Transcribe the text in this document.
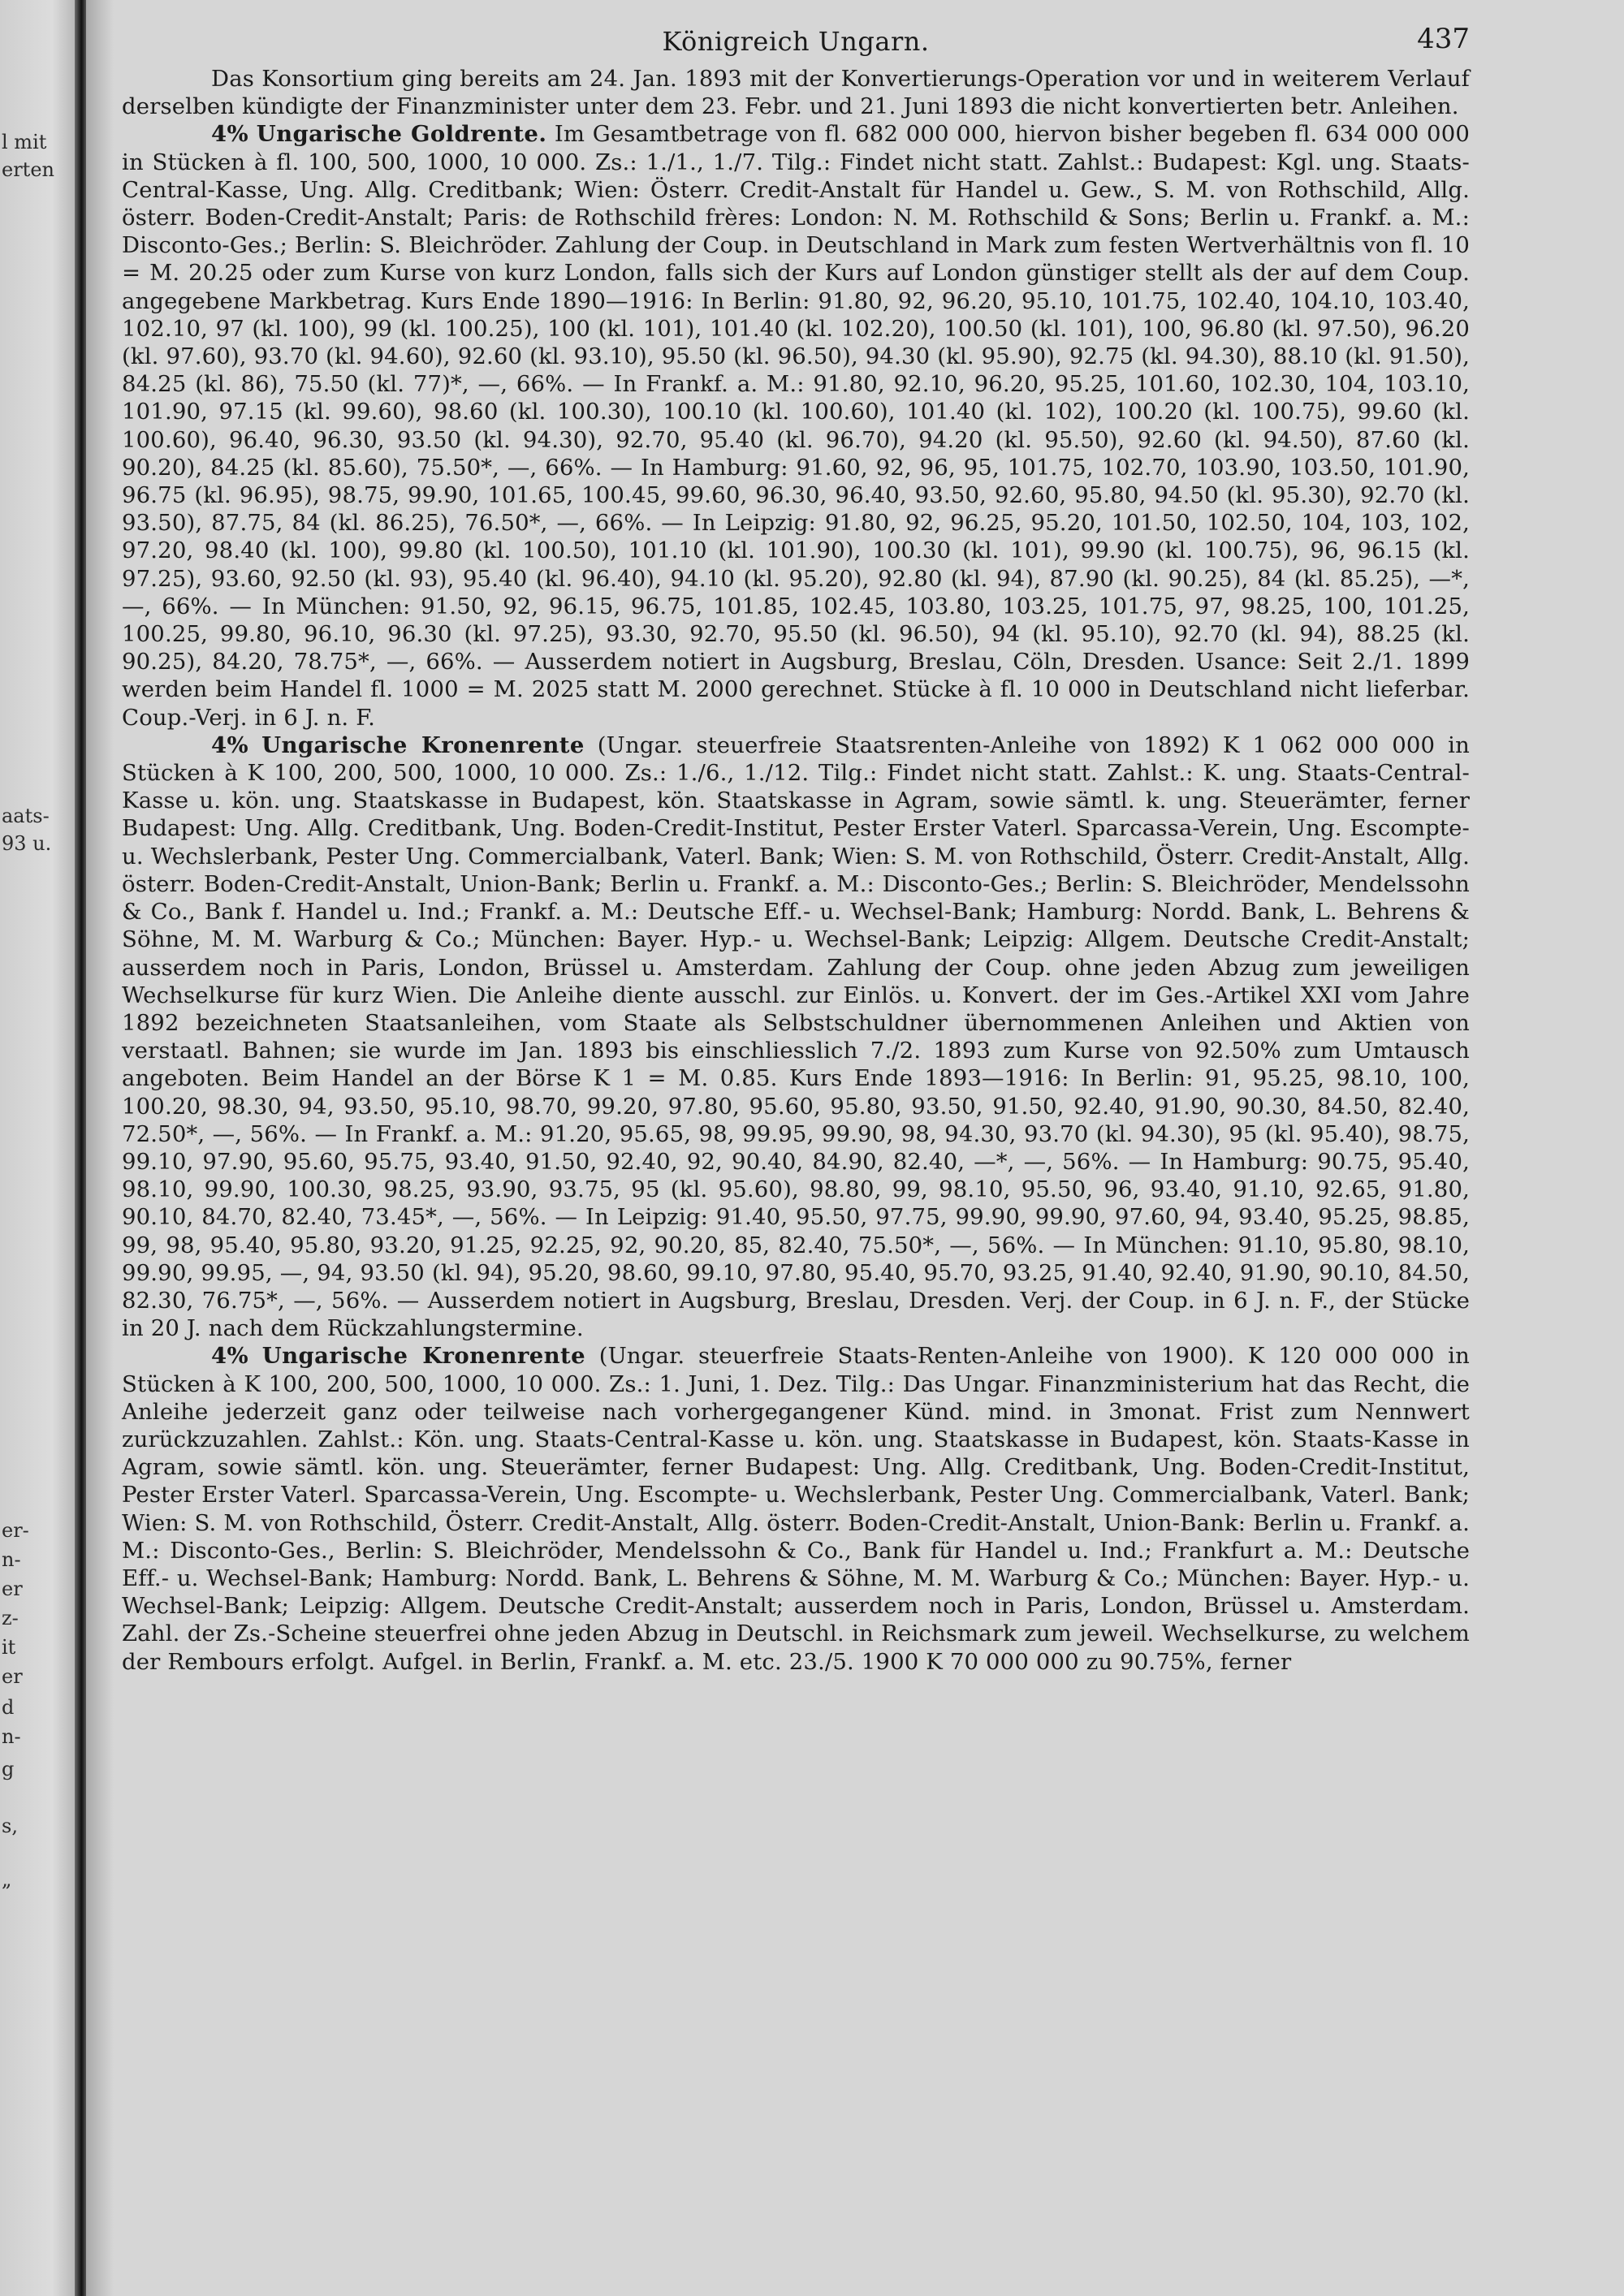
l mit
erten
aats-
93 u.
er-
n-
er
z-
it
er
d
n-
g
s,
„
Königreich Ungarn.	437

Das Konsortium ging bereits am 24. Jan. 1893 mit der Konvertierungs-Operation vor und in weiterem Verlauf derselben kündigte der Finanzminister unter dem 23. Febr. und 21. Juni 1893 die nicht konvertierten betr. Anleihen.

4% Ungarische Goldrente. Im Gesamtbetrage von fl. 682 000 000, hiervon bisher begeben fl. 634 000 000 in Stücken à fl. 100, 500, 1000, 10 000. Zs.: 1./1., 1./7. Tilg.: Findet nicht statt. Zahlst.: Budapest: Kgl. ung. Staats-Central-Kasse, Ung. Allg. Creditbank; Wien: Österr. Credit-Anstalt für Handel u. Gew., S. M. von Rothschild, Allg. österr. Boden-Credit-Anstalt; Paris: de Rothschild frères: London: N. M. Rothschild & Sons; Berlin u. Frankf. a. M.: Disconto-Ges.; Berlin: S. Bleichröder. Zahlung der Coup. in Deutschland in Mark zum festen Wertverhältnis von fl. 10 = M. 20.25 oder zum Kurse von kurz London, falls sich der Kurs auf London günstiger stellt als der auf dem Coup. angegebene Markbetrag. Kurs Ende 1890—1916: In Berlin: 91.80, 92, 96.20, 95.10, 101.75, 102.40, 104.10, 103.40, 102.10, 97 (kl. 100), 99 (kl. 100.25), 100 (kl. 101), 101.40 (kl. 102.20), 100.50 (kl. 101), 100, 96.80 (kl. 97.50), 96.20 (kl. 97.60), 93.70 (kl. 94.60), 92.60 (kl. 93.10), 95.50 (kl. 96.50), 94.30 (kl. 95.90), 92.75 (kl. 94.30), 88.10 (kl. 91.50), 84.25 (kl. 86), 75.50 (kl. 77)*, —, 66%. — In Frankf. a. M.: 91.80, 92.10, 96.20, 95.25, 101.60, 102.30, 104, 103.10, 101.90, 97.15 (kl. 99.60), 98.60 (kl. 100.30), 100.10 (kl. 100.60), 101.40 (kl. 102), 100.20 (kl. 100.75), 99.60 (kl. 100.60), 96.40, 96.30, 93.50 (kl. 94.30), 92.70, 95.40 (kl. 96.70), 94.20 (kl. 95.50), 92.60 (kl. 94.50), 87.60 (kl. 90.20), 84.25 (kl. 85.60), 75.50*, —, 66%. — In Hamburg: 91.60, 92, 96, 95, 101.75, 102.70, 103.90, 103.50, 101.90, 96.75 (kl. 96.95), 98.75, 99.90, 101.65, 100.45, 99.60, 96.30, 96.40, 93.50, 92.60, 95.80, 94.50 (kl. 95.30), 92.70 (kl. 93.50), 87.75, 84 (kl. 86.25), 76.50*, —, 66%. — In Leipzig: 91.80, 92, 96.25, 95.20, 101.50, 102.50, 104, 103, 102, 97.20, 98.40 (kl. 100), 99.80 (kl. 100.50), 101.10 (kl. 101.90), 100.30 (kl. 101), 99.90 (kl. 100.75), 96, 96.15 (kl. 97.25), 93.60, 92.50 (kl. 93), 95.40 (kl. 96.40), 94.10 (kl. 95.20), 92.80 (kl. 94), 87.90 (kl. 90.25), 84 (kl. 85.25), —*, —, 66%. — In München: 91.50, 92, 96.15, 96.75, 101.85, 102.45, 103.80, 103.25, 101.75, 97, 98.25, 100, 101.25, 100.25, 99.80, 96.10, 96.30 (kl. 97.25), 93.30, 92.70, 95.50 (kl. 96.50), 94 (kl. 95.10), 92.70 (kl. 94), 88.25 (kl. 90.25), 84.20, 78.75*, —, 66%. — Ausserdem notiert in Augsburg, Breslau, Cöln, Dresden. Usance: Seit 2./1. 1899 werden beim Handel fl. 1000 = M. 2025 statt M. 2000 gerechnet. Stücke à fl. 10 000 in Deutschland nicht lieferbar. Coup.-Verj. in 6 J. n. F.

4% Ungarische Kronenrente (Ungar. steuerfreie Staatsrenten-Anleihe von 1892) K 1 062 000 000 in Stücken à K 100, 200, 500, 1000, 10 000. Zs.: 1./6., 1./12. Tilg.: Findet nicht statt. Zahlst.: K. ung. Staats-Central-Kasse u. kön. ung. Staatskasse in Budapest, kön. Staatskasse in Agram, sowie sämtl. k. ung. Steuerämter, ferner Budapest: Ung. Allg. Creditbank, Ung. Boden-Credit-Institut, Pester Erster Vaterl. Sparcassa-Verein, Ung. Escompte- u. Wechslerbank, Pester Ung. Commercialbank, Vaterl. Bank; Wien: S. M. von Rothschild, Österr. Credit-Anstalt, Allg. österr. Boden-Credit-Anstalt, Union-Bank; Berlin u. Frankf. a. M.: Disconto-Ges.; Berlin: S. Bleichröder, Mendelssohn & Co., Bank f. Handel u. Ind.; Frankf. a. M.: Deutsche Eff.- u. Wechsel-Bank; Hamburg: Nordd. Bank, L. Behrens & Söhne, M. M. Warburg & Co.; München: Bayer. Hyp.- u. Wechsel-Bank; Leipzig: Allgem. Deutsche Credit-Anstalt; ausserdem noch in Paris, London, Brüssel u. Amsterdam. Zahlung der Coup. ohne jeden Abzug zum jeweiligen Wechselkurse für kurz Wien. Die Anleihe diente ausschl. zur Einlös. u. Konvert. der im Ges.-Artikel XXI vom Jahre 1892 bezeichneten Staatsanleihen, vom Staate als Selbstschuldner übernommenen Anleihen und Aktien von verstaatl. Bahnen; sie wurde im Jan. 1893 bis einschliesslich 7./2. 1893 zum Kurse von 92.50% zum Umtausch angeboten. Beim Handel an der Börse K 1 = M. 0.85. Kurs Ende 1893—1916: In Berlin: 91, 95.25, 98.10, 100, 100.20, 98.30, 94, 93.50, 95.10, 98.70, 99.20, 97.80, 95.60, 95.80, 93.50, 91.50, 92.40, 91.90, 90.30, 84.50, 82.40, 72.50*, —, 56%. — In Frankf. a. M.: 91.20, 95.65, 98, 99.95, 99.90, 98, 94.30, 93.70 (kl. 94.30), 95 (kl. 95.40), 98.75, 99.10, 97.90, 95.60, 95.75, 93.40, 91.50, 92.40, 92, 90.40, 84.90, 82.40, —*, —, 56%. — In Hamburg: 90.75, 95.40, 98.10, 99.90, 100.30, 98.25, 93.90, 93.75, 95 (kl. 95.60), 98.80, 99, 98.10, 95.50, 96, 93.40, 91.10, 92.65, 91.80, 90.10, 84.70, 82.40, 73.45*, —, 56%. — In Leipzig: 91.40, 95.50, 97.75, 99.90, 99.90, 97.60, 94, 93.40, 95.25, 98.85, 99, 98, 95.40, 95.80, 93.20, 91.25, 92.25, 92, 90.20, 85, 82.40, 75.50*, —, 56%. — In München: 91.10, 95.80, 98.10, 99.90, 99.95, —, 94, 93.50 (kl. 94), 95.20, 98.60, 99.10, 97.80, 95.40, 95.70, 93.25, 91.40, 92.40, 91.90, 90.10, 84.50, 82.30, 76.75*, —, 56%. — Ausserdem notiert in Augsburg, Breslau, Dresden. Verj. der Coup. in 6 J. n. F., der Stücke in 20 J. nach dem Rückzahlungstermine.

4% Ungarische Kronenrente (Ungar. steuerfreie Staats-Renten-Anleihe von 1900). K 120 000 000 in Stücken à K 100, 200, 500, 1000, 10 000. Zs.: 1. Juni, 1. Dez. Tilg.: Das Ungar. Finanzministerium hat das Recht, die Anleihe jederzeit ganz oder teilweise nach vorhergegangener Künd. mind. in 3monat. Frist zum Nennwert zurückzuzahlen. Zahlst.: Kön. ung. Staats-Central-Kasse u. kön. ung. Staatskasse in Budapest, kön. Staats-Kasse in Agram, sowie sämtl. kön. ung. Steuerämter, ferner Budapest: Ung. Allg. Creditbank, Ung. Boden-Credit-Institut, Pester Erster Vaterl. Sparcassa-Verein, Ung. Escompte- u. Wechslerbank, Pester Ung. Commercialbank, Vaterl. Bank; Wien: S. M. von Rothschild, Österr. Credit-Anstalt, Allg. österr. Boden-Credit-Anstalt, Union-Bank: Berlin u. Frankf. a. M.: Disconto-Ges., Berlin: S. Bleichröder, Mendelssohn & Co., Bank für Handel u. Ind.; Frankfurt a. M.: Deutsche Eff.- u. Wechsel-Bank; Hamburg: Nordd. Bank, L. Behrens & Söhne, M. M. Warburg & Co.; München: Bayer. Hyp.- u. Wechsel-Bank; Leipzig: Allgem. Deutsche Credit-Anstalt; ausserdem noch in Paris, London, Brüssel u. Amsterdam. Zahl. der Zs.-Scheine steuerfrei ohne jeden Abzug in Deutschl. in Reichsmark zum jeweil. Wechselkurse, zu welchem der Rembours erfolgt. Aufgel. in Berlin, Frankf. a. M. etc. 23./5. 1900 K 70 000 000 zu 90.75%, ferner
